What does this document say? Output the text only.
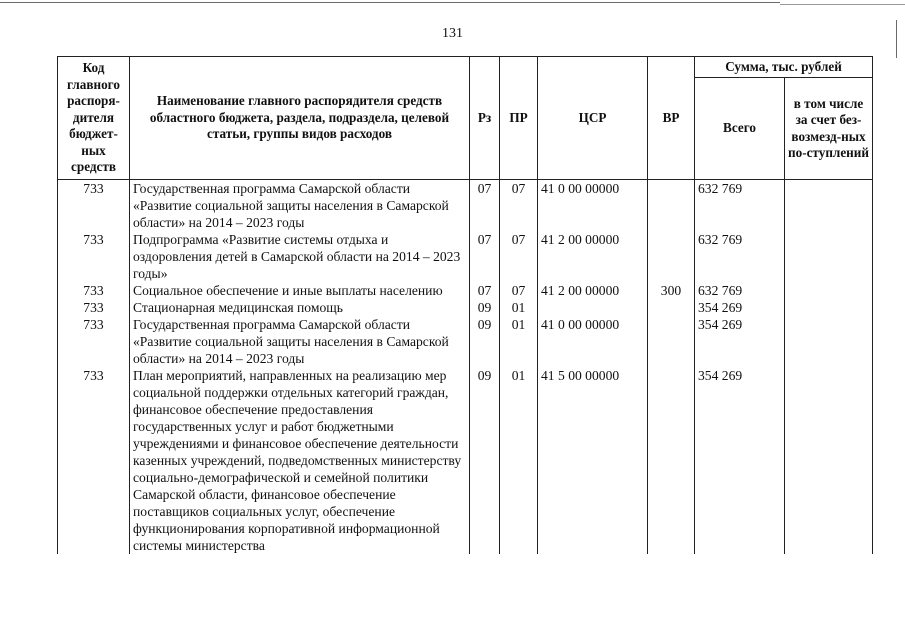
131
Код главного распоря-дителя бюджет-ных средств	Наименование главного распорядителя средств областного бюджета, раздела, подраздела, целевой статьи, группы видов расходов	Рз	ПР	ЦСР	ВР	Сумма, тыс. рублей	
						Всего	в том числе за счет без-возмезд-ных по-ступлений
733	Государственная программа Самарской области «Развитие социальной защиты населения в Самарской области» на 2014 – 2023 годы	07	07	41 0 00 00000		632 769	
733	Подпрограмма «Развитие системы отдыха и оздоровления детей в Самарской области на 2014 – 2023 годы»	07	07	41 2 00 00000		632 769	
733	Социальное обеспечение и иные выплаты населению	07	07	41 2 00 00000	300	632 769	
733	Стационарная медицинская помощь	09	01			354 269	
733	Государственная программа Самарской области «Развитие социальной защиты населения в Самарской области» на 2014 – 2023 годы	09	01	41 0 00 00000		354 269	
733	План мероприятий, направленных на реализацию мер социальной поддержки отдельных категорий граждан, финансовое обеспечение предоставления государственных услуг и работ бюджетными учреждениями и финансовое обеспечение деятельности казенных учреждений, подведомственных министерству социально-демографической и семейной политики Самарской области, финансовое обеспечение поставщиков социальных услуг, обеспечение функционирования корпоративной информационной системы министерства	09	01	41 5 00 00000		354 269	
